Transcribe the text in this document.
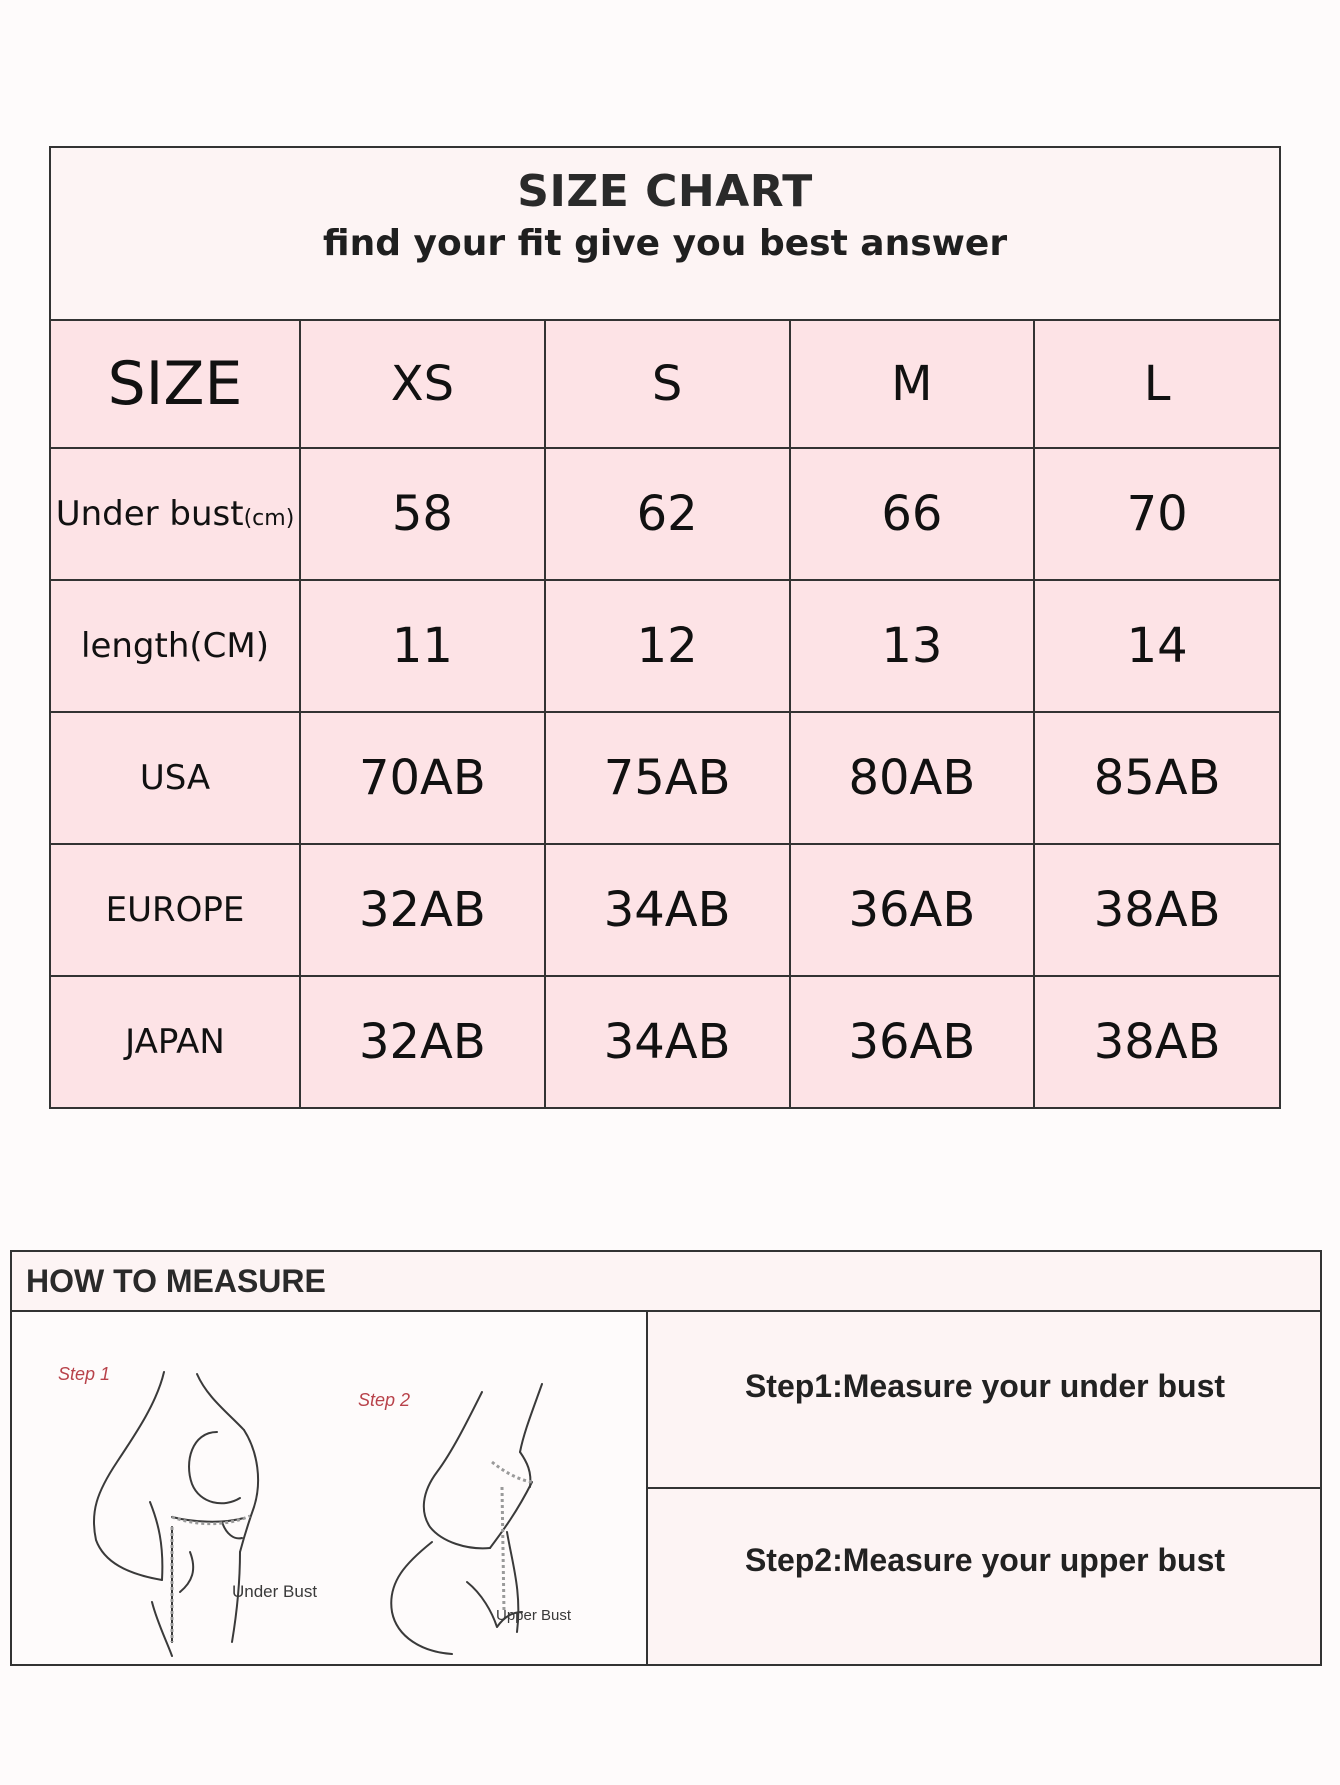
SIZE CHART
find your fit give you best answer
SIZE	XS	S	M	L
Under bust(cm)	58	62	66	70
length(CM)	11	12	13	14
USA	70AB	75AB	80AB	85AB
EUROPE	32AB	34AB	36AB	38AB
JAPAN	32AB	34AB	36AB	38AB
HOW TO MEASURE
Step 1
Step 2
Under Bust
Upper Bust
Step1:Measure your under bust
Step2:Measure your upper bust
